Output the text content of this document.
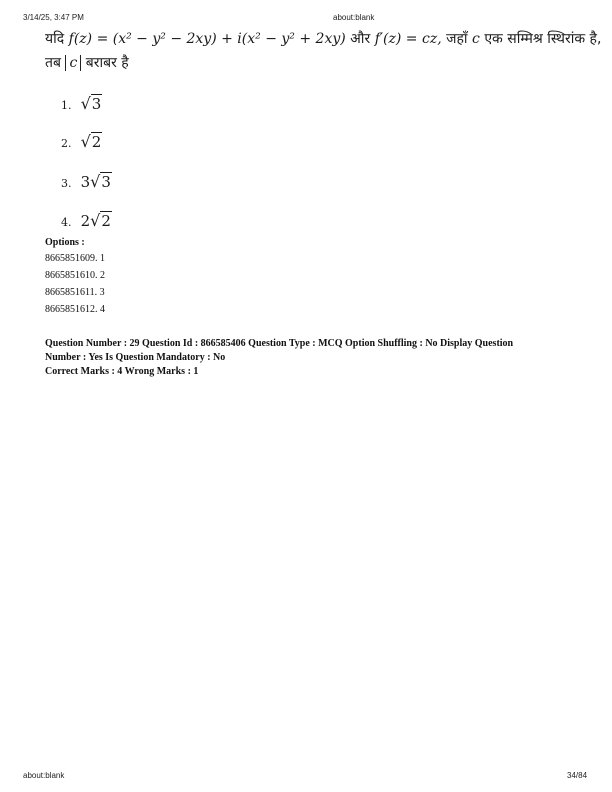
3/14/25, 3:47 PM	about:blank
यदि f(z) = (x² − y² − 2xy) + i(x² − y² + 2xy) और f′(z) = cz, जहाँ c एक सम्मिश्र स्थिरांक है,
तब c बराबर है
1. √3
2. √2
3. 3√3
4. 2√2
Options :
8665851609. 1
8665851610. 2
8665851611. 3
8665851612. 4
Question Number : 29 Question Id : 866585406 Question Type : MCQ Option Shuffling : No Display Question
Number : Yes Is Question Mandatory : No
Correct Marks : 4 Wrong Marks : 1
about:blank	34/84
